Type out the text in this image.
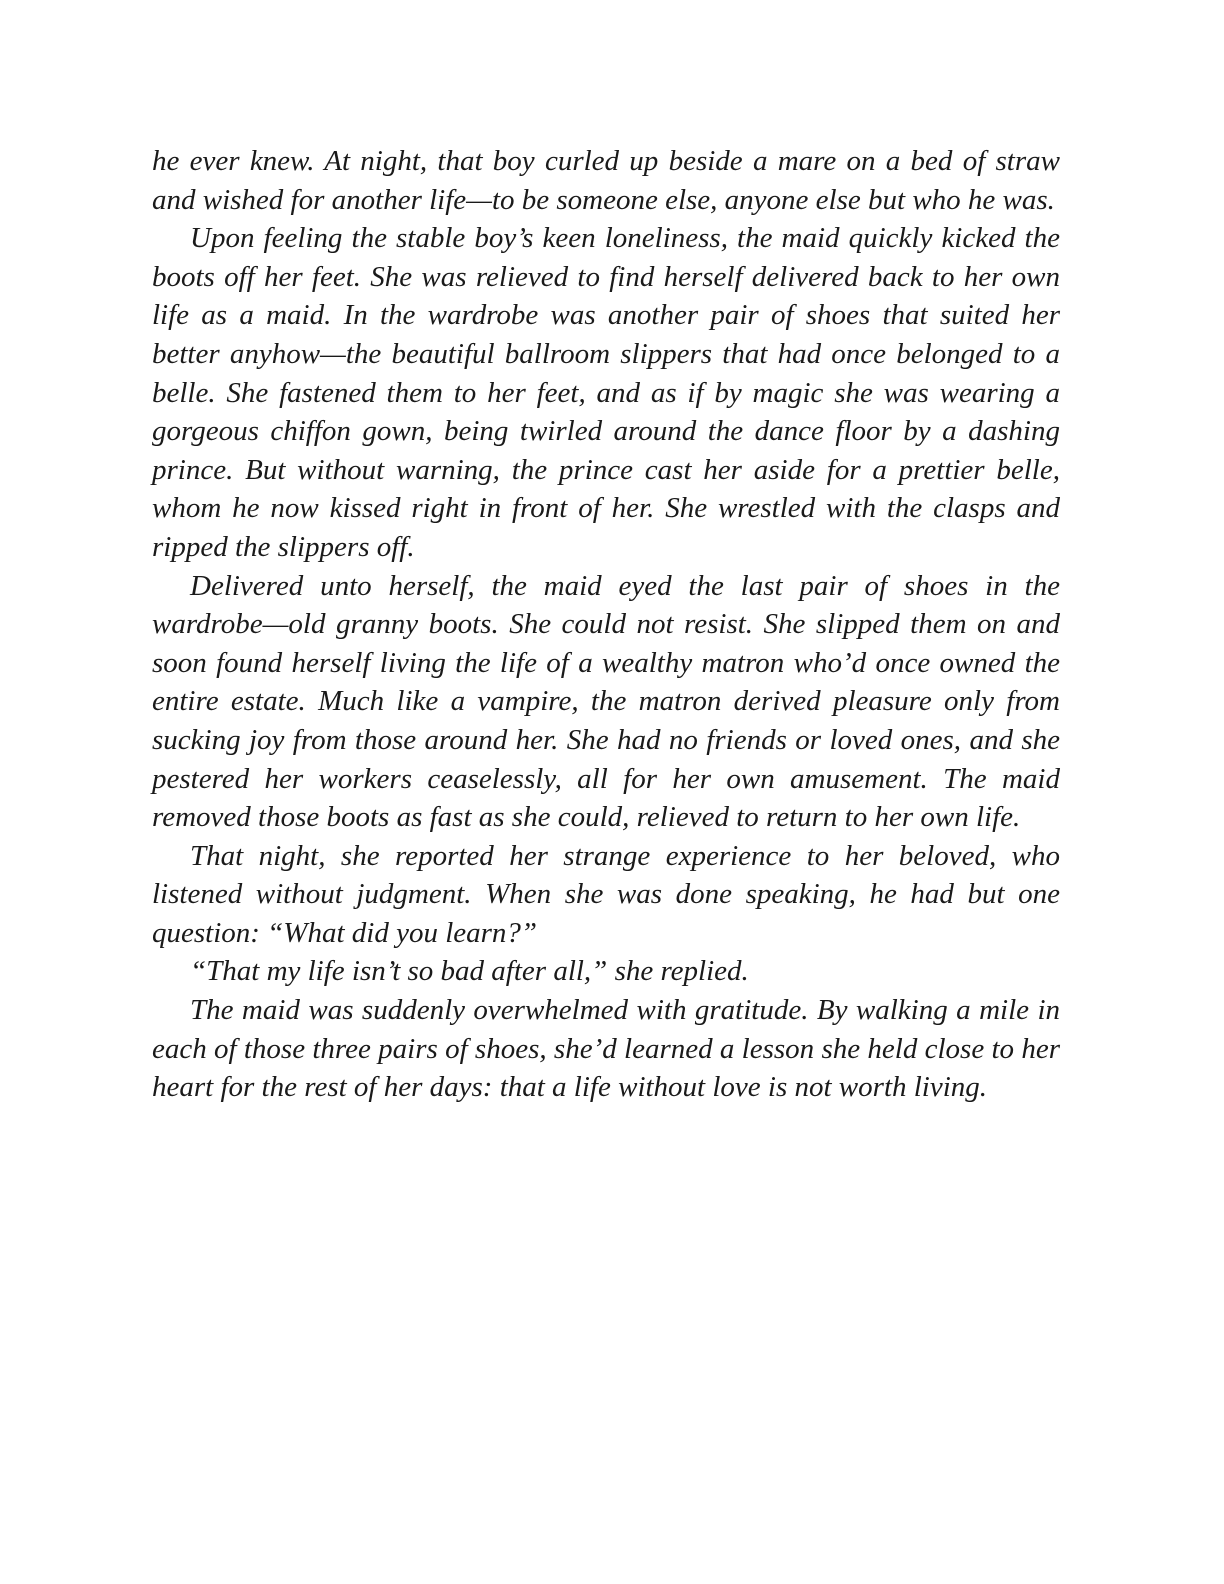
he ever knew. At night, that boy curled up beside a mare on a bed of straw and wished for another life—to be someone else, anyone else but who he was.

Upon feeling the stable boy’s keen loneliness, the maid quickly kicked the boots off her feet. She was relieved to find herself delivered back to her own life as a maid. In the wardrobe was another pair of shoes that suited her better anyhow—the beautiful ballroom slippers that had once belonged to a belle. She fastened them to her feet, and as if by magic she was wearing a gorgeous chiffon gown, being twirled around the dance floor by a dashing prince. But without warning, the prince cast her aside for a prettier belle, whom he now kissed right in front of her. She wrestled with the clasps and ripped the slippers off.

Delivered unto herself, the maid eyed the last pair of shoes in the wardrobe—old granny boots. She could not resist. She slipped them on and soon found herself living the life of a wealthy matron who’d once owned the entire estate. Much like a vampire, the matron derived pleasure only from sucking joy from those around her. She had no friends or loved ones, and she pestered her workers ceaselessly, all for her own amusement. The maid removed those boots as fast as she could, relieved to return to her own life.

That night, she reported her strange experience to her beloved, who listened without judgment. When she was done speaking, he had but one question: “What did you learn?”

“That my life isn’t so bad after all,” she replied.

The maid was suddenly overwhelmed with gratitude. By walking a mile in each of those three pairs of shoes, she’d learned a lesson she held close to her heart for the rest of her days: that a life without love is not worth living.
